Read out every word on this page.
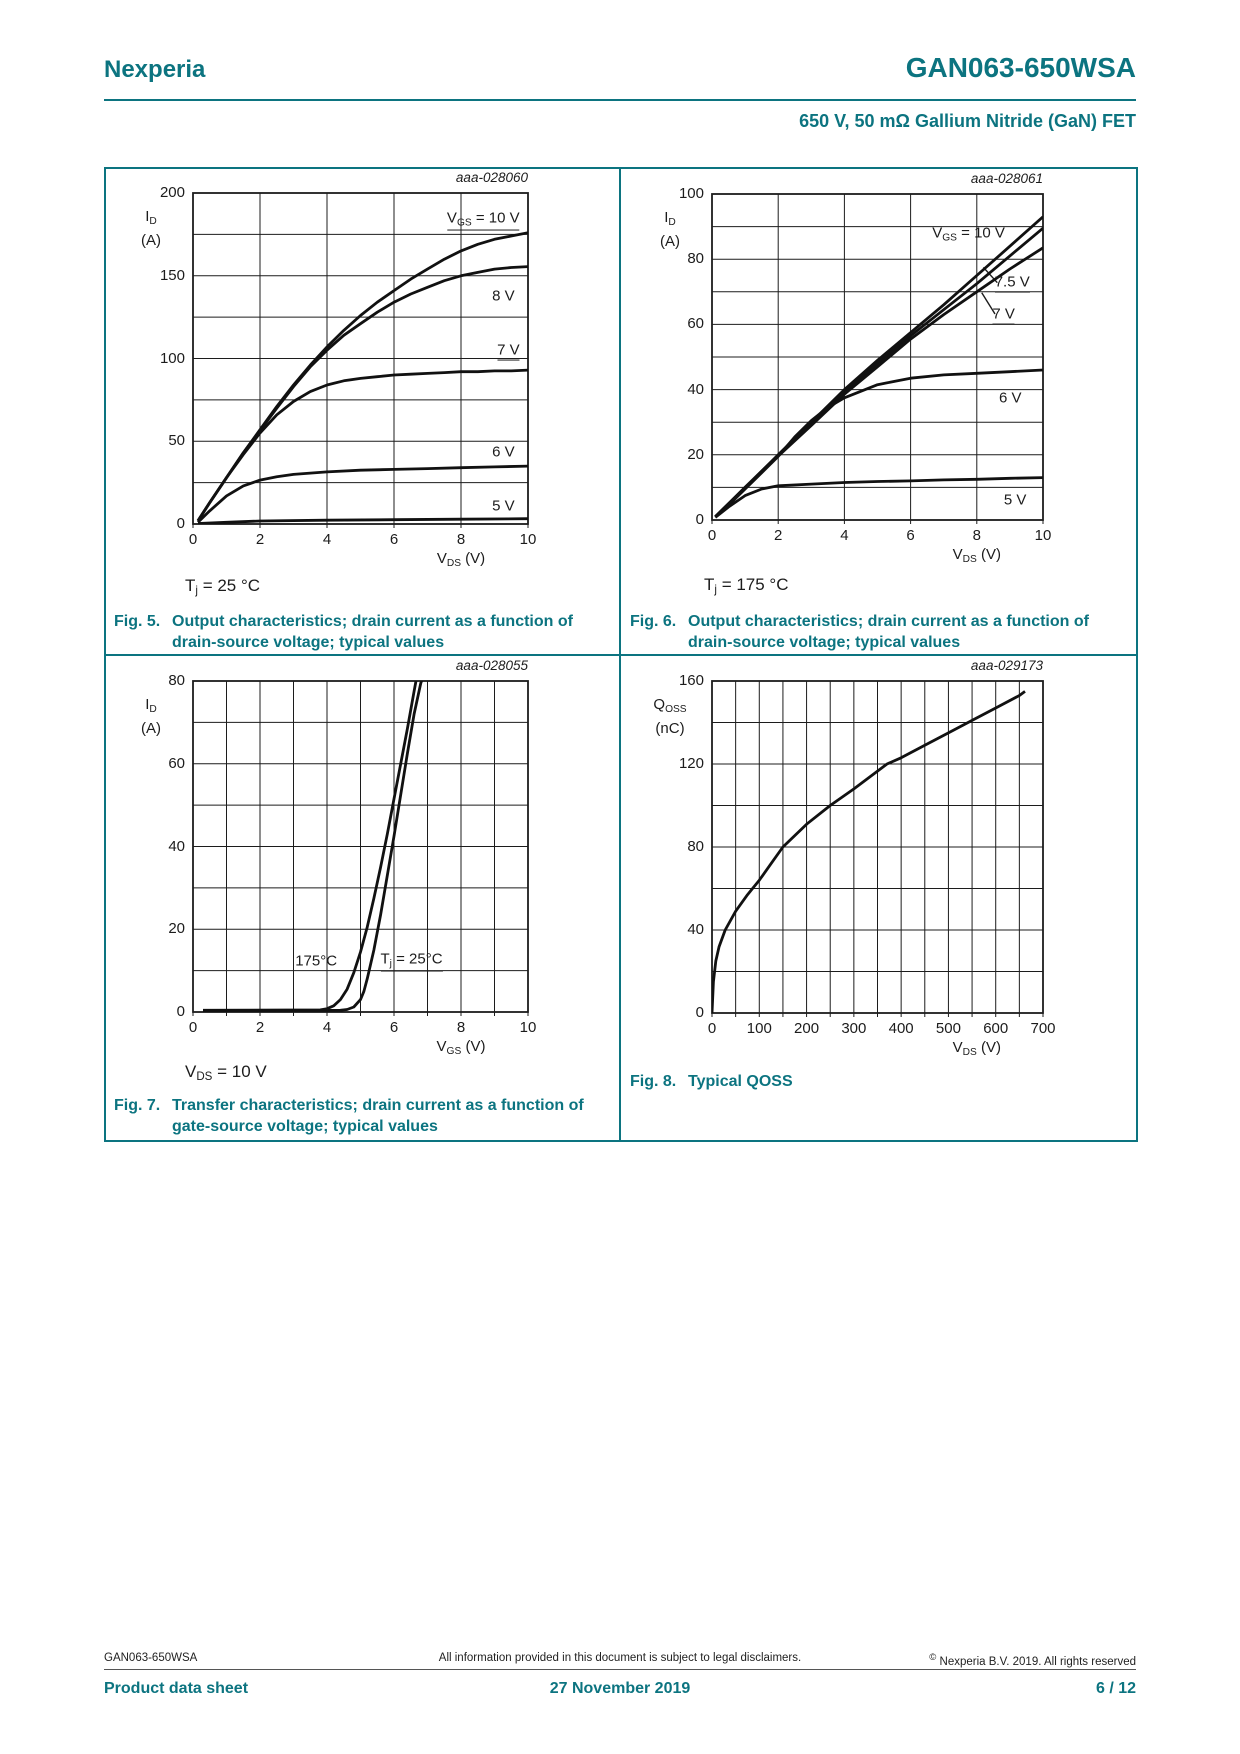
Nexperia	GAN063-650WSA
650 V, 50 mΩ Gallium Nitride (GaN) FET
Fig. 5. Output characteristics; drain current as a function of drain-source voltage; typical values
aaa-028060
$I_D$
(A)
0
50
100
150
200
0	2	4	6	8	10
$V_{DS}$ (V)
$V_{GS} = 10$ V
8 V
7 V
6 V
5 V
$T_j = 25$ °C
Fig. 6. Output characteristics; drain current as a function of drain-source voltage; typical values
aaa-028061
$I_D$
(A)
0
20
40
60
80
100
0	2	4	6	8	10
$V_{DS}$ (V)
$V_{GS} = 10$ V
7.5 V
7 V
6 V
5 V
$T_j = 175$ °C
Fig. 7. Transfer characteristics; drain current as a function of gate-source voltage; typical values
aaa-028055
$I_D$
(A)
0
20
40
60
80
0	2	4	6	8	10
$V_{GS}$ (V)
175°C	$T_j = 25^\circ C$
$V_{DS} = 10$ V
Fig. 8. Typical QOSS
aaa-029173
$Q_{OSS}$
(nC)
0
40
80
120
160
0	100	200	300	400	500	600	700
$V_{DS}$ (V)
GAN063-650WSA	All information provided in this document is subject to legal disclaimers.	© Nexperia B.V. 2019. All rights reserved
Product data sheet	27 November 2019	6 / 12
